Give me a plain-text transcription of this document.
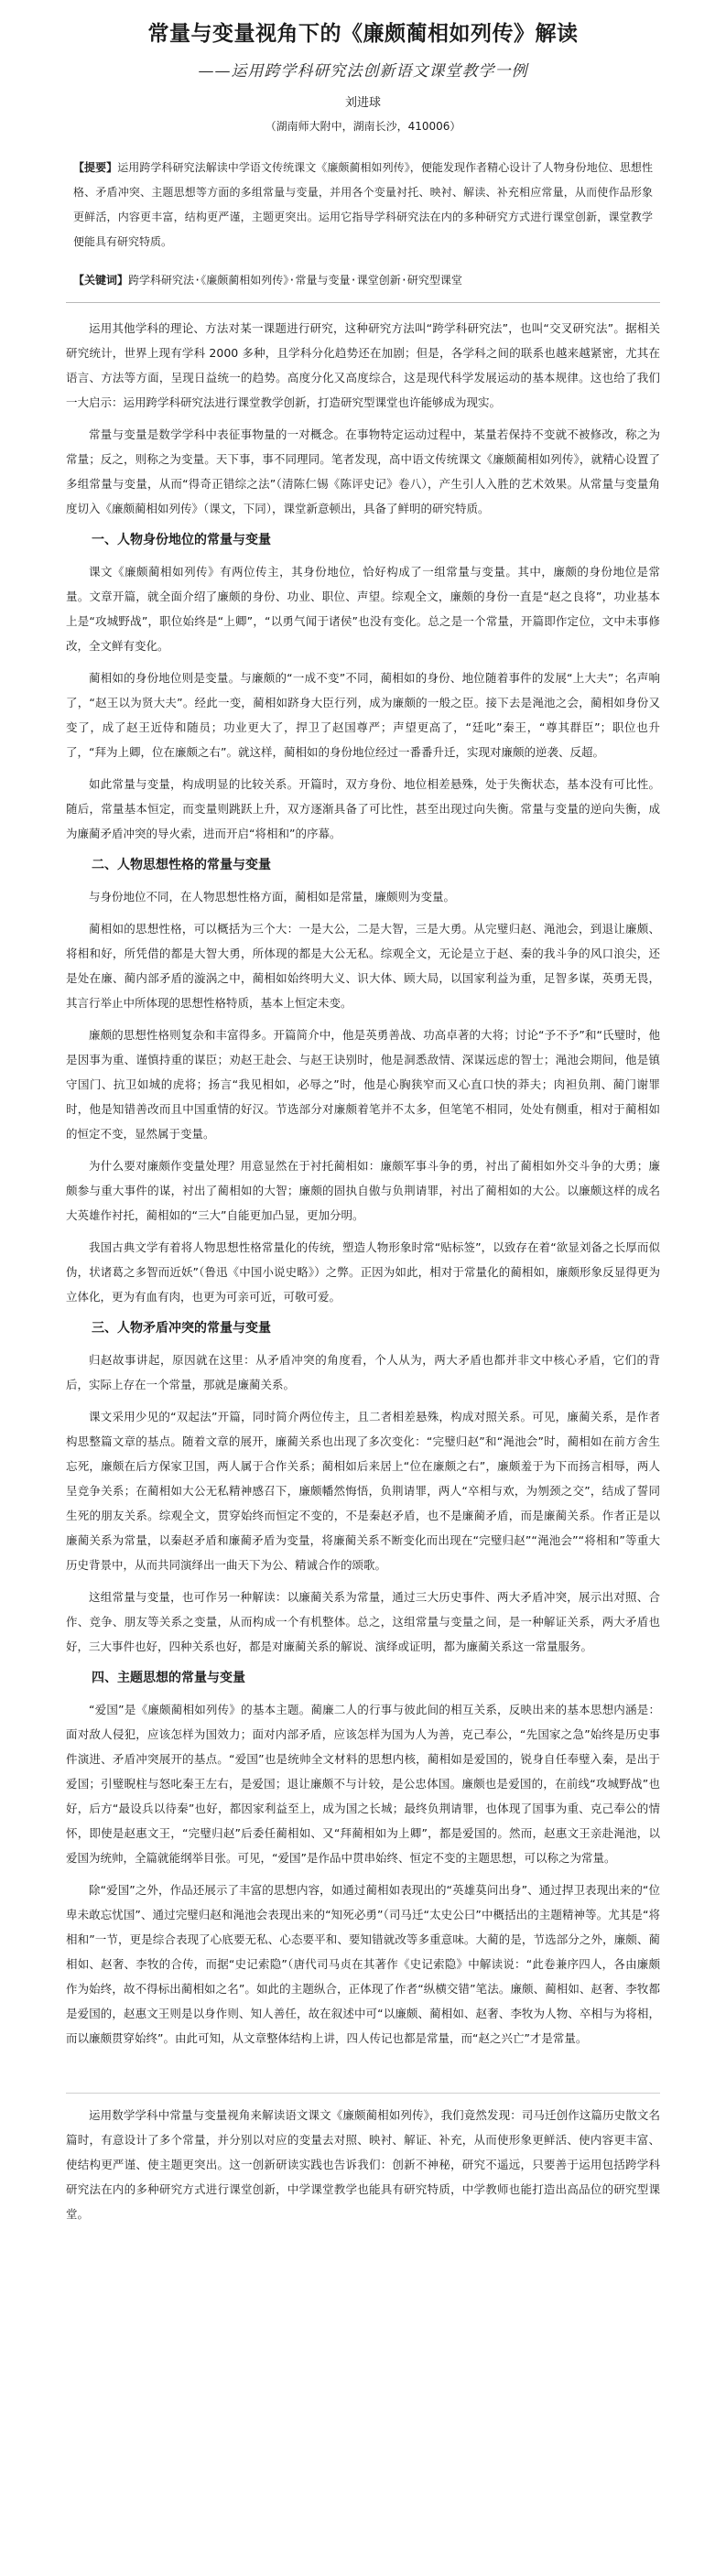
常量与变量视角下的《廉颇蔺相如列传》解读
——运用跨学科研究法创新语文课堂教学一例
刘进球
（湖南师大附中，湖南长沙，410006）
【提要】运用跨学科研究法解读中学语文传统课文《廉颇蔺相如列传》，便能发现作者精心设计了人物身份地位、思想性格、矛盾冲突、主题思想等方面的多组常量与变量，并用各个变量衬托、映衬、解读、补充相应常量，从而使作品形象更鲜活，内容更丰富，结构更严谨，主题更突出。运用它指导学科研究法在内的多种研究方式进行课堂创新，课堂教学便能具有研究特质。
【关键词】跨学科研究法·《廉颇蔺相如列传》·常量与变量·课堂创新·研究型课堂

运用其他学科的理论、方法对某一课题进行研究，这种研究方法叫“跨学科研究法”，也叫“交叉研究法”。据相关研究统计，世界上现有学科 2000 多种，且学科分化趋势还在加剧；但是，各学科之间的联系也越来越紧密，尤其在语言、方法等方面，呈现日益统一的趋势。高度分化又高度综合，这是现代科学发展运动的基本规律。这也给了我们一大启示：运用跨学科研究法进行课堂教学创新，打造研究型课堂也许能够成为现实。

常量与变量是数学学科中表征事物量的一对概念。在事物特定运动过程中，某量若保持不变就不被修改，称之为常量；反之，则称之为变量。天下事，事不同理同。笔者发现，高中语文传统课文《廉颇蔺相如列传》，就精心设置了多组常量与变量，从而“得奇正错综之法”（清陈仁锡《陈评史记》卷八），产生引人入胜的艺术效果。从常量与变量角度切入《廉颇蔺相如列传》（课文，下同），课堂新意顿出，具备了鲜明的研究特质。

一、人物身份地位的常量与变量

课文《廉颇蔺相如列传》有两位传主，其身份地位，恰好构成了一组常量与变量。其中，廉颇的身份地位是常量。文章开篇，就全面介绍了廉颇的身份、功业、职位、声望。综观全文，廉颇的身份一直是“赵之良将”，功业基本上是“攻城野战”，职位始终是“上卿”，“以勇气闻于诸侯”也没有变化。总之是一个常量，开篇即作定位，文中未事修改，全文鲜有变化。

蔺相如的身份地位则是变量。与廉颇的“一成不变”不同，蔺相如的身份、地位随着事件的发展“上大夫”；名声响了，“赵王以为贤大夫”。经此一变，蔺相如跻身大臣行列，成为廉颇的一般之臣。接下去是渑池之会，蔺相如身份又变了，成了赵王近侍和随员；功业更大了，捍卫了赵国尊严；声望更高了，“廷叱”秦王，“尊其群臣”；职位也升了，“拜为上卿，位在廉颇之右”。就这样，蔺相如的身份地位经过一番番升迁，实现对廉颇的逆袭、反超。

如此常量与变量，构成明显的比较关系。开篇时，双方身份、地位相差悬殊，处于失衡状态，基本没有可比性。随后，常量基本恒定，而变量则跳跃上升，双方逐渐具备了可比性，甚至出现过向失衡。常量与变量的逆向失衡，成为廉蔺矛盾冲突的导火索，进而开启“将相和”的序幕。

二、人物思想性格的常量与变量

与身份地位不同，在人物思想性格方面，蔺相如是常量，廉颇则为变量。

蔺相如的思想性格，可以概括为三个大：一是大公，二是大智，三是大勇。从完璧归赵、渑池会，到退让廉颇、将相和好，所凭借的都是大智大勇，所体现的都是大公无私。综观全文，无论是立于赵、秦的我斗争的风口浪尖，还是处在廉、蔺内部矛盾的漩涡之中，蔺相如始终明大义、识大体、顾大局，以国家利益为重，足智多谋，英勇无畏，其言行举止中所体现的思想性格特质，基本上恒定未变。

廉颇的思想性格则复杂和丰富得多。开篇简介中，他是英勇善战、功高卓著的大将；讨论“予不予”和“氏璧时，他是因事为重、谨慎持重的谋臣；劝赵王赴会、与赵王诀别时，他是洞悉敌情、深谋远虑的智士；渑池会期间，他是镇守国门、抗卫如城的虎将；扬言“我见相如，必辱之”时，他是心胸狭窄而又心直口快的莽夫；肉袒负荆、蔺门谢罪时，他是知错善改而且中国重情的好汉。节选部分对廉颇着笔并不太多，但笔笔不相同，处处有侧重，相对于蔺相如的恒定不变，显然属于变量。

为什么要对廉颇作变量处理？用意显然在于衬托蔺相如：廉颇军事斗争的勇，衬出了蔺相如外交斗争的大勇；廉颇参与重大事件的谋，衬出了蔺相如的大智；廉颇的固执自傲与负荆请罪，衬出了蔺相如的大公。以廉颇这样的成名大英雄作衬托，蔺相如的“三大”自能更加凸显，更加分明。

我国古典文学有着将人物思想性格常量化的传统，塑造人物形象时常“贴标签”，以致存在着“欲显刘备之长厚而似伪，状诸葛之多智而近妖”（鲁迅《中国小说史略》）之弊。正因为如此，相对于常量化的蔺相如，廉颇形象反显得更为立体化，更为有血有肉，也更为可亲可近，可敬可爱。

三、人物矛盾冲突的常量与变量

归赵故事讲起，原因就在这里：从矛盾冲突的角度看，个人从为，两大矛盾也都并非文中核心矛盾，它们的背后，实际上存在一个常量，那就是廉蔺关系。

课文采用少见的“双起法”开篇，同时简介两位传主，且二者相差悬殊，构成对照关系。可见，廉蔺关系，是作者构思整篇文章的基点。随着文章的展开，廉蔺关系也出现了多次变化：“完璧归赵”和“渑池会”时，蔺相如在前方舍生忘死，廉颇在后方保家卫国，两人属于合作关系；蔺相如后来居上“位在廉颇之右”，廉颇羞于为下而扬言相辱，两人呈竞争关系；在蔺相如大公无私精神感召下，廉颇幡然悔悟，负荆请罪，两人“卒相与欢，为刎颈之交”，结成了誓同生死的朋友关系。综观全文，贯穿始终而恒定不变的，不是秦赵矛盾，也不是廉蔺矛盾，而是廉蔺关系。作者正是以廉蔺关系为常量，以秦赵矛盾和廉蔺矛盾为变量，将廉蔺关系不断变化而出现在“完璧归赵”“渑池会”“将相和”等重大历史背景中，从而共同演绎出一曲天下为公、精诚合作的颂歌。

这组常量与变量，也可作另一种解读：以廉蔺关系为常量，通过三大历史事件、两大矛盾冲突，展示出对照、合作、竞争、朋友等关系之变量，从而构成一个有机整体。总之，这组常量与变量之间，是一种解证关系，两大矛盾也好，三大事件也好，四种关系也好，都是对廉蔺关系的解说、演绎或证明，都为廉蔺关系这一常量服务。

四、主题思想的常量与变量

“爱国”是《廉颇蔺相如列传》的基本主题。蔺廉二人的行事与彼此间的相互关系，反映出来的基本思想内涵是：面对敌人侵犯，应该怎样为国效力；面对内部矛盾，应该怎样为国为人为善，克己奉公，“先国家之急”始终是历史事件演进、矛盾冲突展开的基点。“爱国”也是统帅全文材料的思想内核，蔺相如是爱国的，锐身自任奉璧入秦，是出于爱国；引璧睨柱与怒叱秦王左右，是爱国；退让廉颇不与计较，是公忠体国。廉颇也是爱国的，在前线“攻城野战”也好，后方“最设兵以待秦”也好，都因家利益至上，成为国之长城；最终负荆请罪，也体现了国事为重、克己奉公的情怀，即使是赵惠文王，“完璧归赵”后委任蔺相如、又“拜蔺相如为上卿”，都是爱国的。然而，赵惠文王亲赴渑池，以爱国为统帅，全篇就能纲举目张。可见，“爱国”是作品中贯串始终、恒定不变的主题思想，可以称之为常量。

除“爱国”之外，作品还展示了丰富的思想内容，如通过蔺相如表现出的“英雄莫问出身”、通过捍卫表现出来的“位卑未敢忘忧国”、通过完璧归赵和渑池会表现出来的“知死必勇”（司马迁“太史公曰”中概括出的主题精神等。尤其是“将相和”一节，更是综合表现了心底要无私、心态要平和、要知错就改等多重意味。大蔺的是，节选部分之外，廉颇、蔺相如、赵奢、李牧的合传，而据“史记索隐”（唐代司马贞在其著作《史记索隐》中解读说：“此卷兼序四人，各由廉颇作为始终，故不得标出蔺相如之名”。如此的主题纵合，正体现了作者“纵横交错”笔法。廉颇、蔺相如、赵奢、李牧都是爱国的，赵惠文王则是以身作则、知人善任，故在叙述中可“以廉颇、蔺相如、赵奢、李牧为人物、卒相与为将相，而以廉颇贯穿始终”。由此可知，从文章整体结构上讲，四人传记也都是常量，而“赵之兴亡”才是常量。

运用数学学科中常量与变量视角来解读语文课文《廉颇蔺相如列传》，我们竟然发现：司马迁创作这篇历史散文名篇时，有意设计了多个常量，并分别以对应的变量去对照、映衬、解证、补充，从而使形象更鲜活、使内容更丰富、使结构更严谨、使主题更突出。这一创新研读实践也告诉我们：创新不神秘，研究不遥远，只要善于运用包括跨学科研究法在内的多种研究方式进行课堂创新，中学课堂教学也能具有研究特质，中学教师也能打造出高品位的研究型课堂。
